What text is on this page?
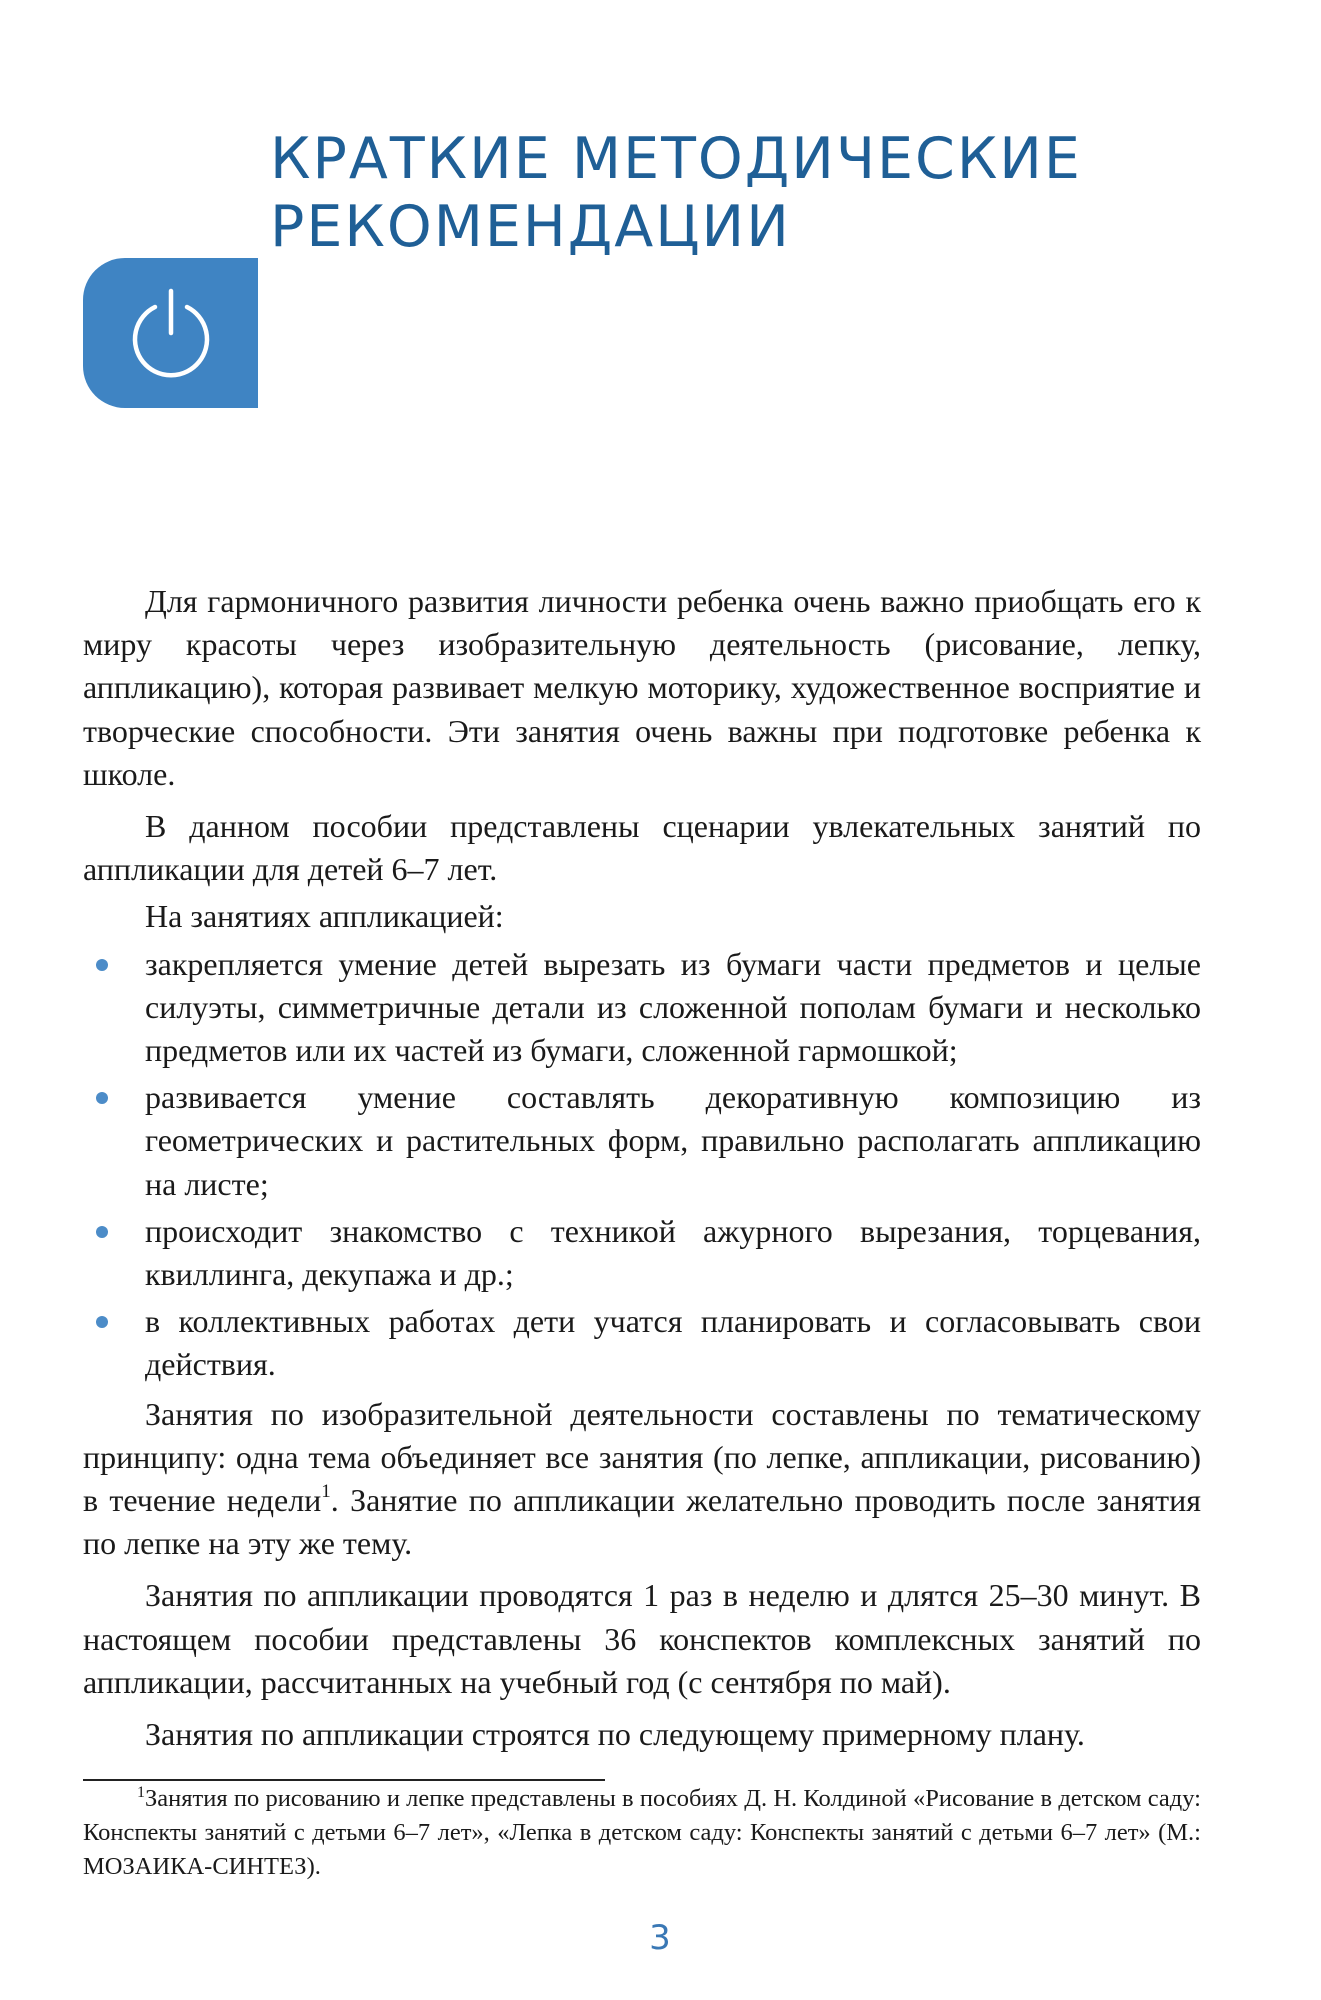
КРАТКИЕ МЕТОДИЧЕСКИЕ
РЕКОМЕНДАЦИИ

Для гармоничного развития личности ребенка очень важно приобщать его к миру красоты через изобразительную деятельность (рисование, лепку, аппликацию), которая развивает мелкую моторику, художественное восприятие и творческие способности. Эти занятия очень важны при подготовке ребенка к школе.

В данном пособии представлены сценарии увлекательных занятий по аппликации для детей 6–7 лет.

На занятиях аппликацией:

закрепляется умение детей вырезать из бумаги части предметов и целые силуэты, симметричные детали из сложенной пополам бумаги и несколько предметов или их частей из бумаги, сложенной гармошкой;
развивается умение составлять декоративную композицию из геометрических и растительных форм, правильно располагать аппликацию на листе;
происходит знакомство с техникой ажурного вырезания, торцевания, квиллинга, декупажа и др.;
в коллективных работах дети учатся планировать и согласовывать свои действия.

Занятия по изобразительной деятельности составлены по тематическому принципу: одна тема объединяет все занятия (по лепке, аппликации, рисованию) в течение недели$^1$. Занятие по аппликации желательно проводить после занятия по лепке на эту же тему.

Занятия по аппликации проводятся 1 раз в неделю и длятся 25–30 минут. В настоящем пособии представлены 36 конспектов комплексных занятий по аппликации, рассчитанных на учебный год (с сентября по май).

Занятия по аппликации строятся по следующему примерному плану.

$^1$Занятия по рисованию и лепке представлены в пособиях Д. Н. Колдиной «Рисование в детском саду: Конспекты занятий с детьми 6–7 лет», «Лепка в детском саду: Конспекты занятий с детьми 6–7 лет» (М.: МОЗАИКА-СИНТЕЗ).
3
